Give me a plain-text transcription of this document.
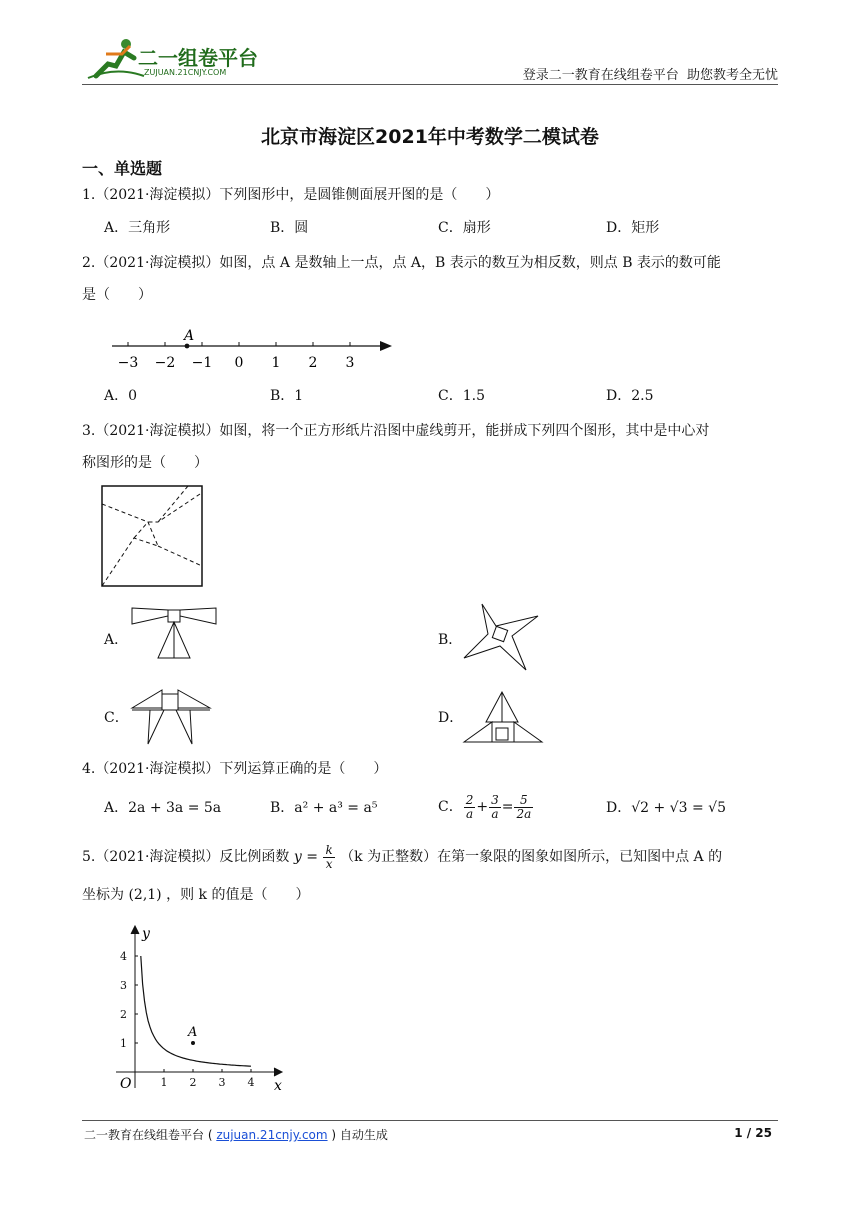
二一组卷平台
ZUJUAN.21CNJY.COM	登录二一教育在线组卷平台  助您教考全无忧
北京市海淀区2021年中考数学二模试卷
一、单选题
1.（2021·海淀模拟）下列图形中，是圆锥侧面展开图的是（　　）
A．三角形	B．圆	C．扇形	D．矩形
2.（2021·海淀模拟）如图，点 A 是数轴上一点，点 A，B 表示的数互为相反数，则点 B 表示的数可能
是（　　）
−3 −2 −1 0 1 2 3
A
A．0	B．1	C．1.5	D．2.5
3.（2021·海淀模拟）如图，将一个正方形纸片沿图中虚线剪开，能拼成下列四个图形，其中是中心对
称图形的是（　　）
A．	B．
C．	D．
4.（2021·海淀模拟）下列运算正确的是（　　）
A．2a + 3a = 5a	B．a² + a³ = a⁵	C． $\frac{2}{a} + \frac{3}{a} = \frac{5}{2a}$	D．√2 + √3 = √5
5.（2021·海淀模拟）反比例函数 $y = \frac{k}{x} (k$ 为正整数）在第一象限的图象如图所示，已知图中点 A 的
坐标为 (2,1) ，则 k 的值是（　　）
1 2 3 4
1
2
3
4
y
x
O
A
二一教育在线组卷平台 ( zujuan.21cnjy.com ) 自动生成	1 / 25
